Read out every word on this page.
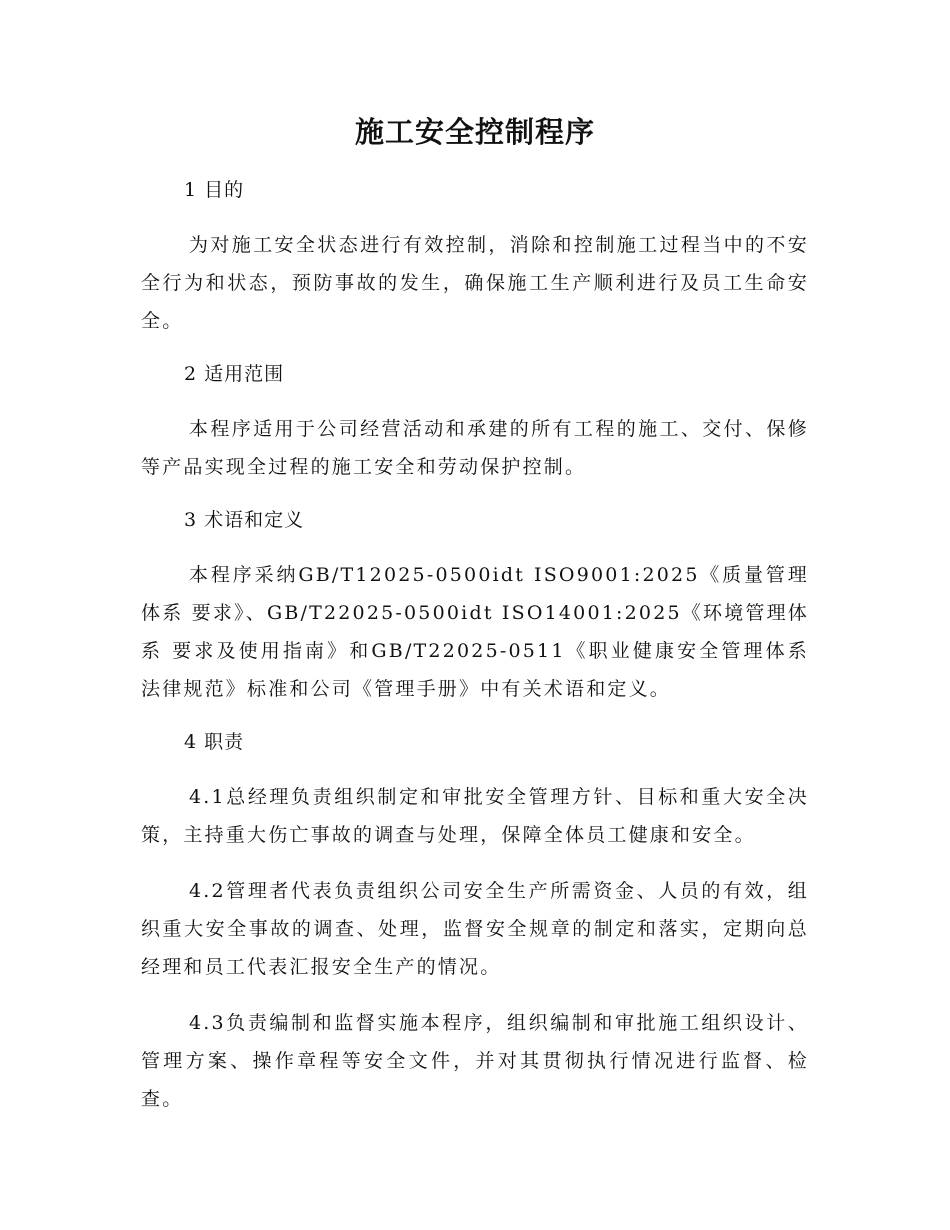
施工安全控制程序
1 目的

为对施工安全状态进行有效控制，消除和控制施工过程当中的不安全行为和状态，预防事故的发生，确保施工生产顺利进行及员工生命安全。

2 适用范围

本程序适用于公司经营活动和承建的所有工程的施工、交付、保修等产品实现全过程的施工安全和劳动保护控制。

3 术语和定义

本程序采纳GB/T12025-0500idt ISO9001:2025《质量管理体系 要求》、GB/T22025-0500idt ISO14001:2025《环境管理体系 要求及使用指南》和GB/T22025-0511《职业健康安全管理体系 法律规范》标准和公司《管理手册》中有关术语和定义。

4 职责

4.1总经理负责组织制定和审批安全管理方针、目标和重大安全决策，主持重大伤亡事故的调查与处理，保障全体员工健康和安全。

4.2管理者代表负责组织公司安全生产所需资金、人员的有效，组织重大安全事故的调查、处理，监督安全规章的制定和落实，定期向总经理和员工代表汇报安全生产的情况。

4.3负责编制和监督实施本程序，组织编制和审批施工组织设计、管理方案、操作章程等安全文件，并对其贯彻执行情况进行监督、检查。
